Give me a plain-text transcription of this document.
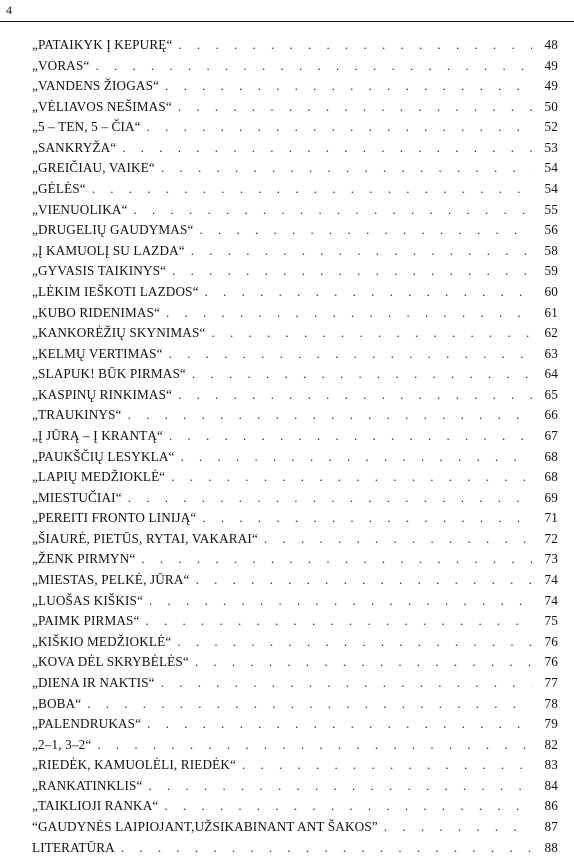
4
„PATAIKYK Į KEPURĘ“ . . .	48
„VORAS“ . . .	49
„VANDENS ŽIOGAS“ . . .	49
„VĖLIAVOS NEŠIMAS“ . . .	50
„5 – TEN, 5 – ČIA“ . . .	52
„SANKRYŽA“ . . .	53
„GREIČIAU, VAIKE“ . . .	54
„GĖLĖS“ . . .	54
„VIENUOLIKA“ . . .	55
„DRUGELIŲ GAUDYMAS“ . . .	56
„Į KAMUOLĮ SU LAZDA“ . . .	58
„GYVASIS TAIKINYS“ . . .	59
„LĖKIM IEŠKOTI LAZDOS“ . . .	60
„KUBO RIDENIMAS“ . . .	61
„KANKORĖŽIŲ SKYNIMAS“ . . .	62
„KELMŲ VERTIMAS“ . . .	63
„SLAPUK! BŪK PIRMAS“ . . .	64
„KASPINŲ RINKIMAS“ . . .	65
„TRAUKINYS“ . . .	66
„Į JŪRĄ – Į KRANTĄ“ . . .	67
„PAUKŠČIŲ LESYKLA“ . . .	68
„LAPIŲ MEDŽIOKLĖ“ . . .	68
„MIESTUČIAI“ . . .	69
„PEREITI FRONTO LINIJĄ“ . . .	71
„ŠIAURĖ, PIETŪS, RYTAI, VAKARAI“ . . .	72
„ŽENK PIRMYN“ . . .	73
„MIESTAS, PELKĖ, JŪRA“ . . .	74
„LUOŠAS KIŠKIS“ . . .	74
„PAIMK PIRMAS“ . . .	75
„KIŠKIO MEDŽIOKLĖ“ . . .	76
„KOVA DĖL SKRYBĖLĖS“ . . .	76
„DIENA IR NAKTIS“ . . .	77
„BOBA“ . . .	78
„PALENDRUKAS“ . . .	79
„2–1, 3–2“ . . .	82
„RIEDĖK, KAMUOLĖLI, RIEDĖK“ . . .	83
„RANKATINKLIS“ . . .	84
„TAIKLIOJI RANKA“ . . .	86
“GAUDYNĖS LAIPIOJANT,UŽSIKABINANT ANT ŠAKOS” . . .	87
LITERATŪRA . . .	88
